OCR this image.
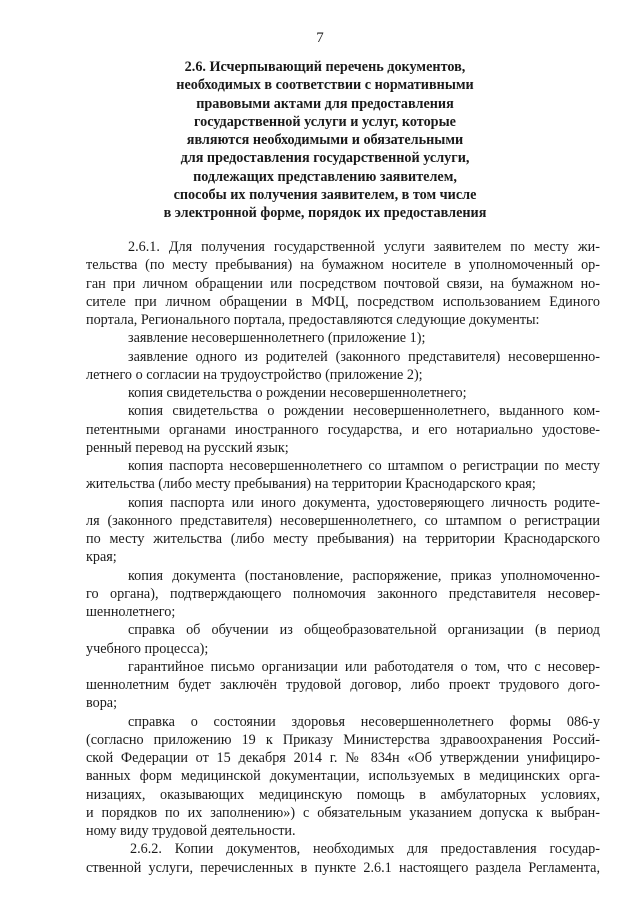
7
2.6. Исчерпывающий перечень документов,
необходимых в соответствии с нормативными
правовыми актами для предоставления
государственной услуги и услуг, которые
являются необходимыми и обязательными
для предоставления государственной услуги,
подлежащих представлению заявителем,
способы их получения заявителем, в том числе
в электронной форме, порядок их предоставления
2.6.1. Для получения государственной услуги заявителем по месту жи-
тельства (по месту пребывания) на бумажном носителе в уполномоченный ор-
ган при личном обращении или посредством почтовой связи, на бумажном но-
сителе при личном обращении в МФЦ, посредством использованием Единого
портала, Регионального портала, предоставляются следующие документы:
заявление несовершеннолетнего (приложение 1);
заявление одного из родителей (законного представителя) несовершенно-
летнего о согласии на трудоустройство (приложение 2);
копия свидетельства о рождении несовершеннолетнего;
копия свидетельства о рождении несовершеннолетнего, выданного ком-
петентными органами иностранного государства, и его нотариально удостове-
ренный перевод на русский язык;
копия паспорта несовершеннолетнего со штампом о регистрации по месту
жительства (либо месту пребывания) на территории Краснодарского края;
копия паспорта или иного документа, удостоверяющего личность родите-
ля (законного представителя) несовершеннолетнего, со штампом о регистрации
по месту жительства (либо месту пребывания) на территории Краснодарского
края;
копия документа (постановление, распоряжение, приказ уполномоченно-
го органа), подтверждающего полномочия законного представителя несовер-
шеннолетнего;
справка об обучении из общеобразовательной организации (в период
учебного процесса);
гарантийное письмо организации или работодателя о том, что с несовер-
шеннолетним будет заключён трудовой договор, либо проект трудового дого-
вора;
справка о состоянии здоровья несовершеннолетнего формы 086-у
(согласно приложению 19 к Приказу Министерства здравоохранения Россий-
ской Федерации от 15 декабря 2014 г. № 834н «Об утверждении унифициро-
ванных форм медицинской документации, используемых в медицинских орга-
низациях, оказывающих медицинскую помощь в амбулаторных условиях,
и порядков по их заполнению») с обязательным указанием допуска к выбран-
ному виду трудовой деятельности.
2.6.2. Копии документов, необходимых для предоставления государ-
ственной услуги, перечисленных в пункте 2.6.1 настоящего раздела Регламента,
